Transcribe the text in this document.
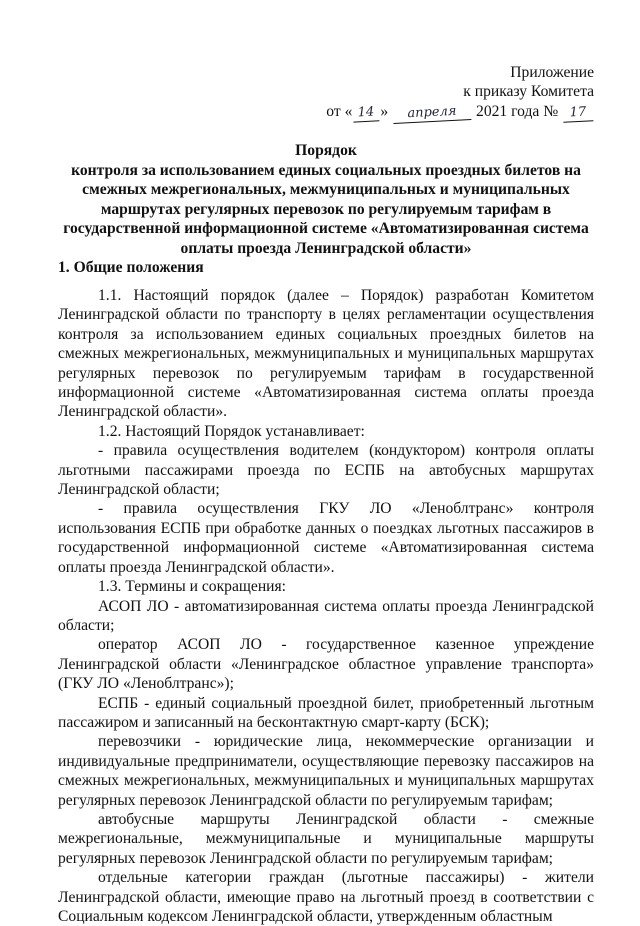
Приложение
к приказу Комитета
от « 14 » апреля 2021 года № 17
Порядок
контроля за использованием единых социальных проездных билетов на смежных межрегиональных, межмуниципальных и муниципальных маршрутах регулярных перевозок по регулируемым тарифам в государственной информационной системе «Автоматизированная система оплаты проезда Ленинградской области»
1. Общие положения

1.1. Настоящий порядок (далее – Порядок) разработан Комитетом Ленинградской области по транспорту в целях регламентации осуществления контроля за использованием единых социальных проездных билетов на смежных межрегиональных, межмуниципальных и муниципальных маршрутах регулярных перевозок по регулируемым тарифам в государственной информационной системе «Автоматизированная система оплаты проезда Ленинградской области».

1.2. Настоящий Порядок устанавливает:

- правила осуществления водителем (кондуктором) контроля оплаты льготными пассажирами проезда по ЕСПБ на автобусных маршрутах Ленинградской области;

- правила осуществления ГКУ ЛО «Леноблтранс» контроля использования ЕСПБ при обработке данных о поездках льготных пассажиров в государственной информационной системе «Автоматизированная система оплаты проезда Ленинградской области».

1.3. Термины и сокращения:

АСОП ЛО - автоматизированная система оплаты проезда Ленинградской области;

оператор АСОП ЛО - государственное казенное упреждение Ленинградской области «Ленинградское областное управление транспорта» (ГКУ ЛО «Леноблтранс»);

ЕСПБ - единый социальный проездной билет, приобретенный льготным пассажиром и записанный на бесконтактную смарт-карту (БСК);

перевозчики - юридические лица, некоммерческие организации и индивидуальные предприниматели, осуществляющие перевозку пассажиров на смежных межрегиональных, межмуниципальных и муниципальных маршрутах регулярных перевозок Ленинградской области по регулируемым тарифам;

автобусные маршруты Ленинградской области - смежные межрегиональные, межмуниципальные и муниципальные маршруты регулярных перевозок Ленинградской области по регулируемым тарифам;

отдельные категории граждан (льготные пассажиры) - жители Ленинградской области, имеющие право на льготный проезд в соответствии с Социальным кодексом Ленинградской области, утвержденным областным
